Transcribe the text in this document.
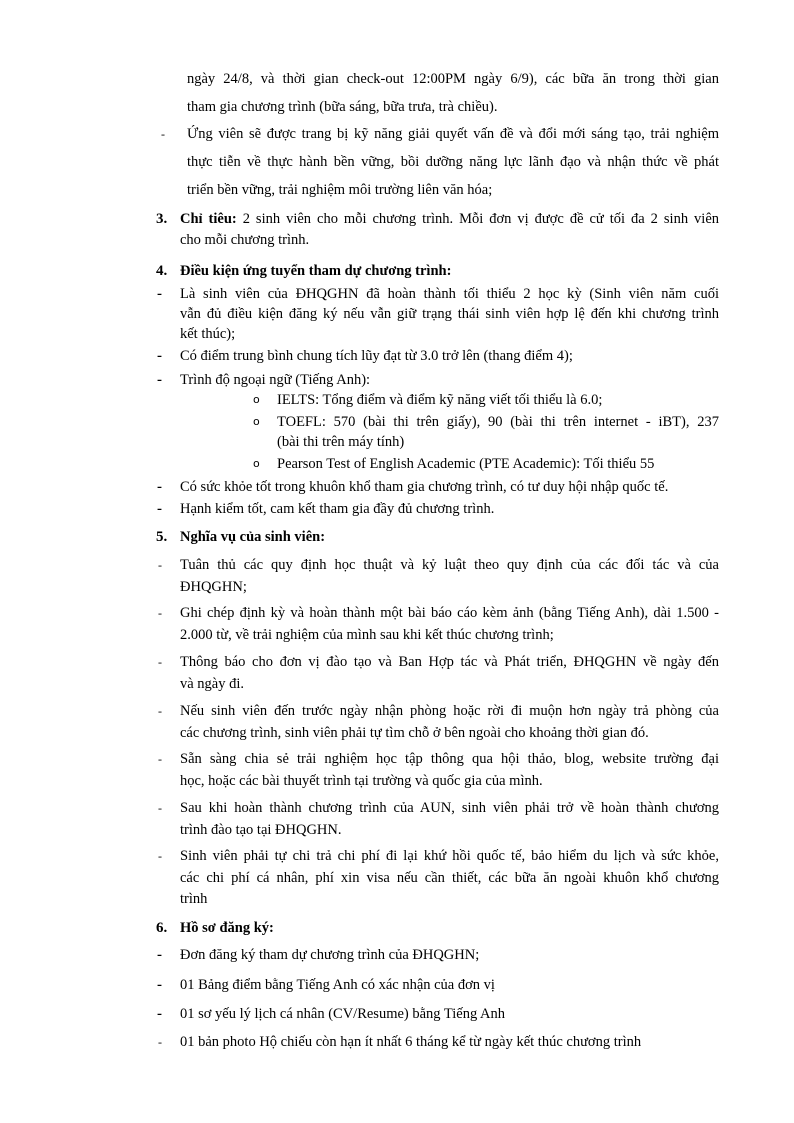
ngày 24/8, và thời gian check-out 12:00PM ngày 6/9), các bữa ăn trong thời gian
tham gia chương trình (bữa sáng, bữa trưa, trà chiều).
- Ứng viên sẽ được trang bị kỹ năng giải quyết vấn đề và đổi mới sáng tạo, trải nghiệm
thực tiễn về thực hành bền vững, bồi dưỡng năng lực lãnh đạo và nhận thức về phát
triển bền vững, trải nghiệm môi trường liên văn hóa;
3. Chỉ tiêu: 2 sinh viên cho mỗi chương trình. Mỗi đơn vị được đề cử tối đa 2 sinh viên
cho mỗi chương trình.
4. Điều kiện ứng tuyển tham dự chương trình:
- Là sinh viên của ĐHQGHN đã hoàn thành tối thiểu 2 học kỳ (Sinh viên năm cuối
vẫn đủ điều kiện đăng ký nếu vẫn giữ trạng thái sinh viên hợp lệ đến khi chương trình
kết thúc);
- Có điểm trung bình chung tích lũy đạt từ 3.0 trở lên (thang điểm 4);
- Trình độ ngoại ngữ (Tiếng Anh):
o IELTS: Tổng điểm và điểm kỹ năng viết tối thiểu là 6.0;
o TOEFL: 570 (bài thi trên giấy), 90 (bài thi trên internet - iBT), 237
(bài thi trên máy tính)
o Pearson Test of English Academic (PTE Academic): Tối thiểu 55
- Có sức khỏe tốt trong khuôn khổ tham gia chương trình, có tư duy hội nhập quốc tế.
- Hạnh kiểm tốt, cam kết tham gia đầy đủ chương trình.
5. Nghĩa vụ của sinh viên:
- Tuân thủ các quy định học thuật và kỷ luật theo quy định của các đối tác và của
ĐHQGHN;
- Ghi chép định kỳ và hoàn thành một bài báo cáo kèm ảnh (bằng Tiếng Anh), dài 1.500 -
2.000 từ, về trải nghiệm của mình sau khi kết thúc chương trình;
- Thông báo cho đơn vị đào tạo và Ban Hợp tác và Phát triển, ĐHQGHN về ngày đến
và ngày đi.
- Nếu sinh viên đến trước ngày nhận phòng hoặc rời đi muộn hơn ngày trả phòng của
các chương trình, sinh viên phải tự tìm chỗ ở bên ngoài cho khoảng thời gian đó.
- Sẵn sàng chia sẻ trải nghiệm học tập thông qua hội thảo, blog, website trường đại
học, hoặc các bài thuyết trình tại trường và quốc gia của mình.
- Sau khi hoàn thành chương trình của AUN, sinh viên phải trở về hoàn thành chương
trình đào tạo tại ĐHQGHN.
- Sinh viên phải tự chi trả chi phí đi lại khứ hồi quốc tế, bảo hiểm du lịch và sức khỏe,
các chi phí cá nhân, phí xin visa nếu cần thiết, các bữa ăn ngoài khuôn khổ chương
trình
6. Hồ sơ đăng ký:
- Đơn đăng ký tham dự chương trình của ĐHQGHN;
- 01 Bảng điểm bằng Tiếng Anh có xác nhận của đơn vị
- 01 sơ yếu lý lịch cá nhân (CV/Resume) bằng Tiếng Anh
- 01 bản photo Hộ chiếu còn hạn ít nhất 6 tháng kể từ ngày kết thúc chương trình
